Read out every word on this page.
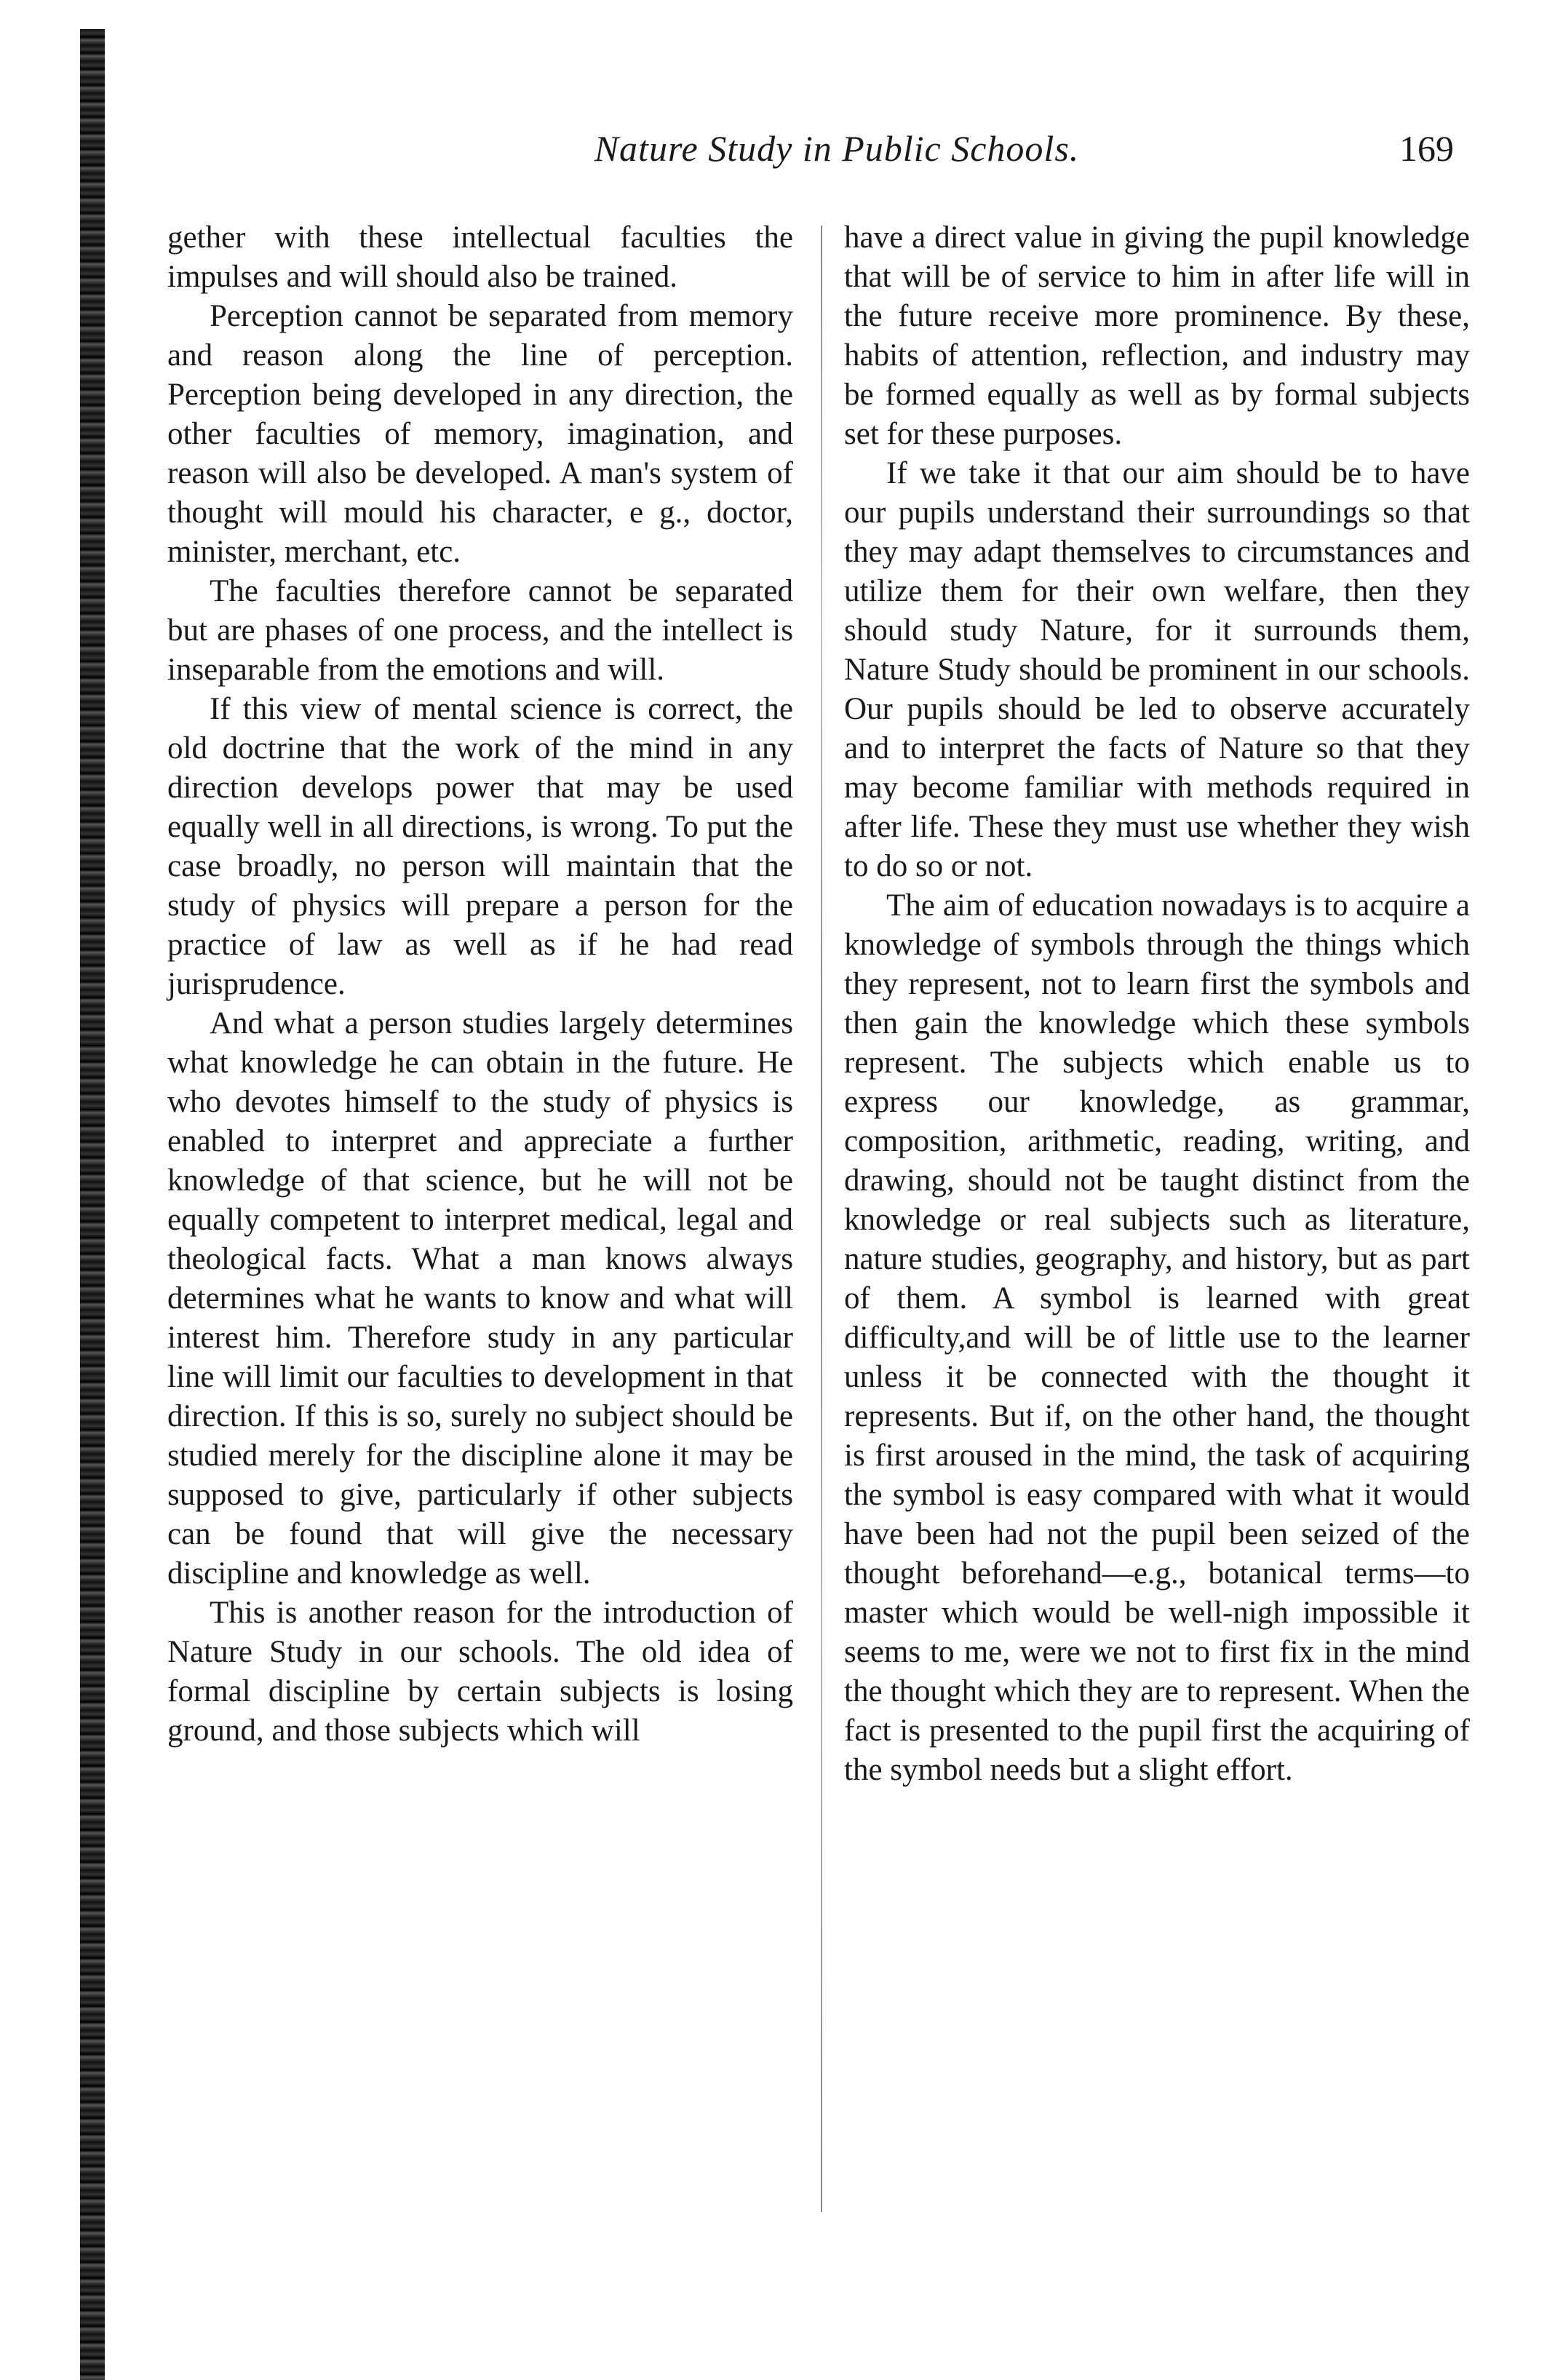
Nature Study in Public Schools.	169

gether with these intellectual faculties the impulses and will should also be trained.

Perception cannot be separated from memory and reason along the line of perception. Perception being developed in any direction, the other faculties of memory, imagination, and reason will also be developed. A man's system of thought will mould his character, e g., doctor, minister, merchant, etc.

The faculties therefore cannot be separated but are phases of one process, and the intellect is inseparable from the emotions and will.

If this view of mental science is correct, the old doctrine that the work of the mind in any direction develops power that may be used equally well in all directions, is wrong. To put the case broadly, no person will maintain that the study of physics will prepare a person for the practice of law as well as if he had read jurisprudence.

And what a person studies largely determines what knowledge he can obtain in the future. He who devotes himself to the study of physics is enabled to interpret and appreciate a further knowledge of that science, but he will not be equally competent to interpret medical, legal and theological facts. What a man knows always determines what he wants to know and what will interest him. Therefore study in any particular line will limit our faculties to development in that direction. If this is so, surely no subject should be studied merely for the discipline alone it may be supposed to give, particularly if other subjects can be found that will give the necessary discipline and knowledge as well.

This is another reason for the introduction of Nature Study in our schools. The old idea of formal discipline by certain subjects is losing ground, and those subjects which will

have a direct value in giving the pupil knowledge that will be of service to him in after life will in the future receive more prominence. By these, habits of attention, reflection, and industry may be formed equally as well as by formal subjects set for these purposes.

If we take it that our aim should be to have our pupils understand their surroundings so that they may adapt themselves to circumstances and utilize them for their own welfare, then they should study Nature, for it surrounds them, Nature Study should be prominent in our schools. Our pupils should be led to observe accurately and to interpret the facts of Nature so that they may become familiar with methods required in after life. These they must use whether they wish to do so or not.

The aim of education nowadays is to acquire a knowledge of symbols through the things which they represent, not to learn first the symbols and then gain the knowledge which these symbols represent. The subjects which enable us to express our knowledge, as grammar, composition, arithmetic, reading, writing, and drawing, should not be taught distinct from the knowledge or real subjects such as literature, nature studies, geography, and history, but as part of them. A symbol is learned with great difficulty,and will be of little use to the learner unless it be connected with the thought it represents. But if, on the other hand, the thought is first aroused in the mind, the task of acquiring the symbol is easy compared with what it would have been had not the pupil been seized of the thought beforehand—e.g., botanical terms—to master which would be well-nigh impossible it seems to me, were we not to first fix in the mind the thought which they are to represent. When the fact is presented to the pupil first the acquiring of the symbol needs but a slight effort.
